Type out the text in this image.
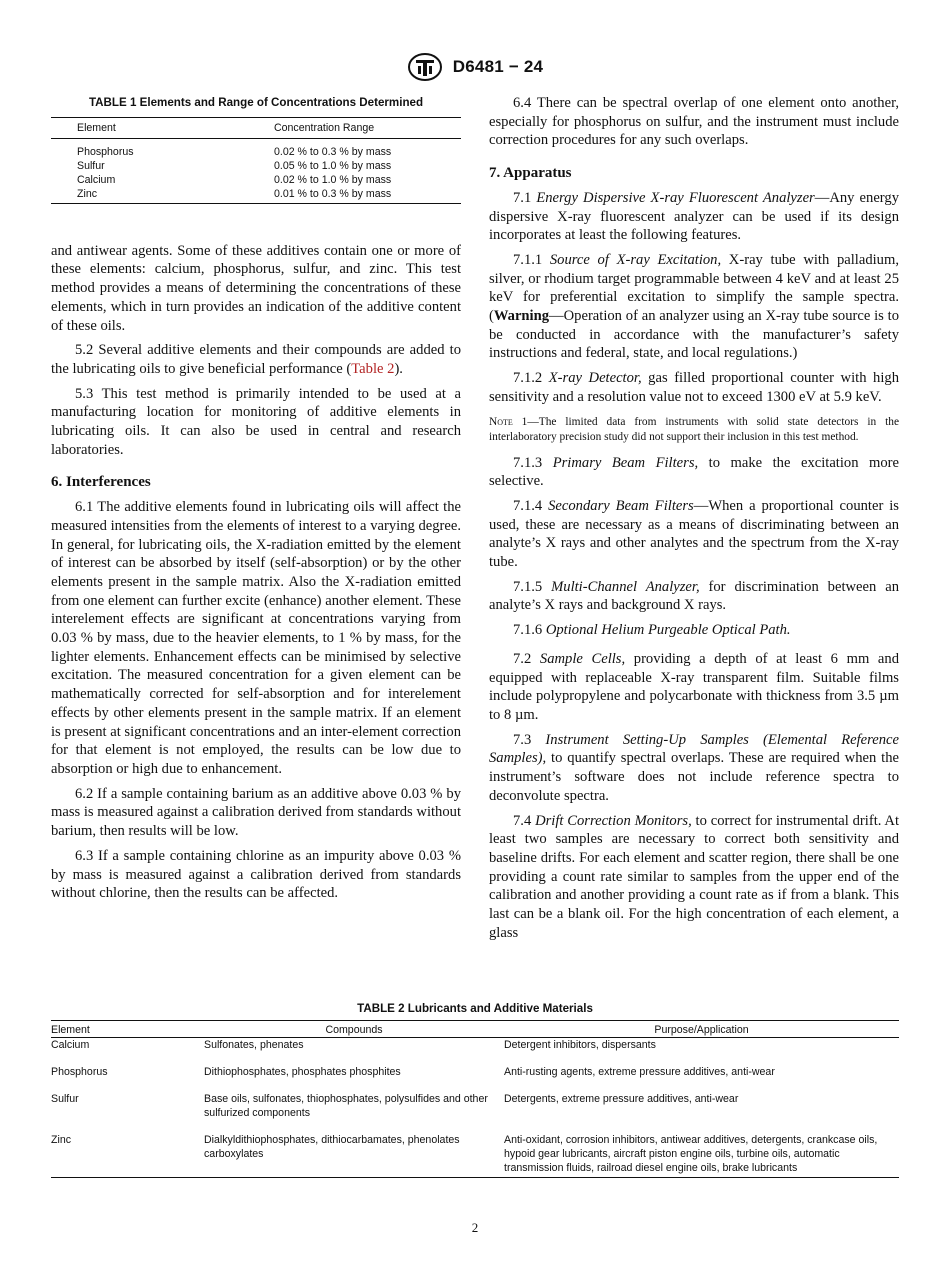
D6481 − 24

TABLE 1 Elements and Range of Concentrations Determined

Element	Concentration Range
Phosphorus	0.02 % to 0.3 % by mass
Sulfur	0.05 % to 1.0 % by mass
Calcium	0.02 % to 1.0 % by mass
Zinc	0.01 % to 0.3 % by mass

and antiwear agents. Some of these additives contain one or more of these elements: calcium, phosphorus, sulfur, and zinc. This test method provides a means of determining the concentrations of these elements, which in turn provides an indication of the additive content of these oils.

5.2 Several additive elements and their compounds are added to the lubricating oils to give beneficial performance (Table 2).

5.3 This test method is primarily intended to be used at a manufacturing location for monitoring of additive elements in lubricating oils. It can also be used in central and research laboratories.

6. Interferences

6.1 The additive elements found in lubricating oils will affect the measured intensities from the elements of interest to a varying degree. In general, for lubricating oils, the X-radiation emitted by the element of interest can be absorbed by itself (self-absorption) or by the other elements present in the sample matrix. Also the X-radiation emitted from one element can further excite (enhance) another element. These interelement effects are significant at concentrations varying from 0.03 % by mass, due to the heavier elements, to 1 % by mass, for the lighter elements. Enhancement effects can be minimised by selective excitation. The measured concentration for a given element can be mathematically corrected for self-absorption and for interelement effects by other elements present in the sample matrix. If an element is present at significant concentrations and an inter-element correction for that element is not employed, the results can be low due to absorption or high due to enhancement.

6.2 If a sample containing barium as an additive above 0.03 % by mass is measured against a calibration derived from standards without barium, then results will be low.

6.3 If a sample containing chlorine as an impurity above 0.03 % by mass is measured against a calibration derived from standards without chlorine, then the results can be affected.

6.4 There can be spectral overlap of one element onto another, especially for phosphorus on sulfur, and the instrument must include correction procedures for any such overlaps.

7. Apparatus

7.1 Energy Dispersive X-ray Fluorescent Analyzer—Any energy dispersive X-ray fluorescent analyzer can be used if its design incorporates at least the following features.

7.1.1 Source of X-ray Excitation, X-ray tube with palladium, silver, or rhodium target programmable between 4 keV and at least 25 keV for preferential excitation to simplify the sample spectra. (Warning—Operation of an analyzer using an X-ray tube source is to be conducted in accordance with the manufacturer’s safety instructions and federal, state, and local regulations.)

7.1.2 X-ray Detector, gas filled proportional counter with high sensitivity and a resolution value not to exceed 1300 eV at 5.9 keV.

Note 1—The limited data from instruments with solid state detectors in the interlaboratory precision study did not support their inclusion in this test method.

7.1.3 Primary Beam Filters, to make the excitation more selective.

7.1.4 Secondary Beam Filters—When a proportional counter is used, these are necessary as a means of discriminating between an analyte’s X rays and other analytes and the spectrum from the X-ray tube.

7.1.5 Multi-Channel Analyzer, for discrimination between an analyte’s X rays and background X rays.

7.1.6 Optional Helium Purgeable Optical Path.

7.2 Sample Cells, providing a depth of at least 6 mm and equipped with replaceable X-ray transparent film. Suitable films include polypropylene and polycarbonate with thickness from 3.5 µm to 8 µm.

7.3 Instrument Setting-Up Samples (Elemental Reference Samples), to quantify spectral overlaps. These are required when the instrument’s software does not include reference spectra to deconvolute spectra.

7.4 Drift Correction Monitors, to correct for instrumental drift. At least two samples are necessary to correct both sensitivity and baseline drifts. For each element and scatter region, there shall be one providing a count rate similar to samples from the upper end of the calibration and another providing a count rate as if from a blank. This last can be a blank oil. For the high concentration of each element, a glass

TABLE 2 Lubricants and Additive Materials
Element	Compounds	Purpose/Application
Calcium	Sulfonates, phenates	Detergent inhibitors, dispersants
Phosphorus	Dithiophosphates, phosphates phosphites	Anti-rusting agents, extreme pressure additives, anti-wear
Sulfur	Base oils, sulfonates, thiophosphates, polysulfides and other sulfurized components	Detergents, extreme pressure additives, anti-wear
Zinc	Dialkyldithiophosphates, dithiocarbamates, phenolates carboxylates	Anti-oxidant, corrosion inhibitors, antiwear additives, detergents, crankcase oils, hypoid gear lubricants, aircraft piston engine oils, turbine oils, automatic transmission fluids, railroad diesel engine oils, brake lubricants
2
